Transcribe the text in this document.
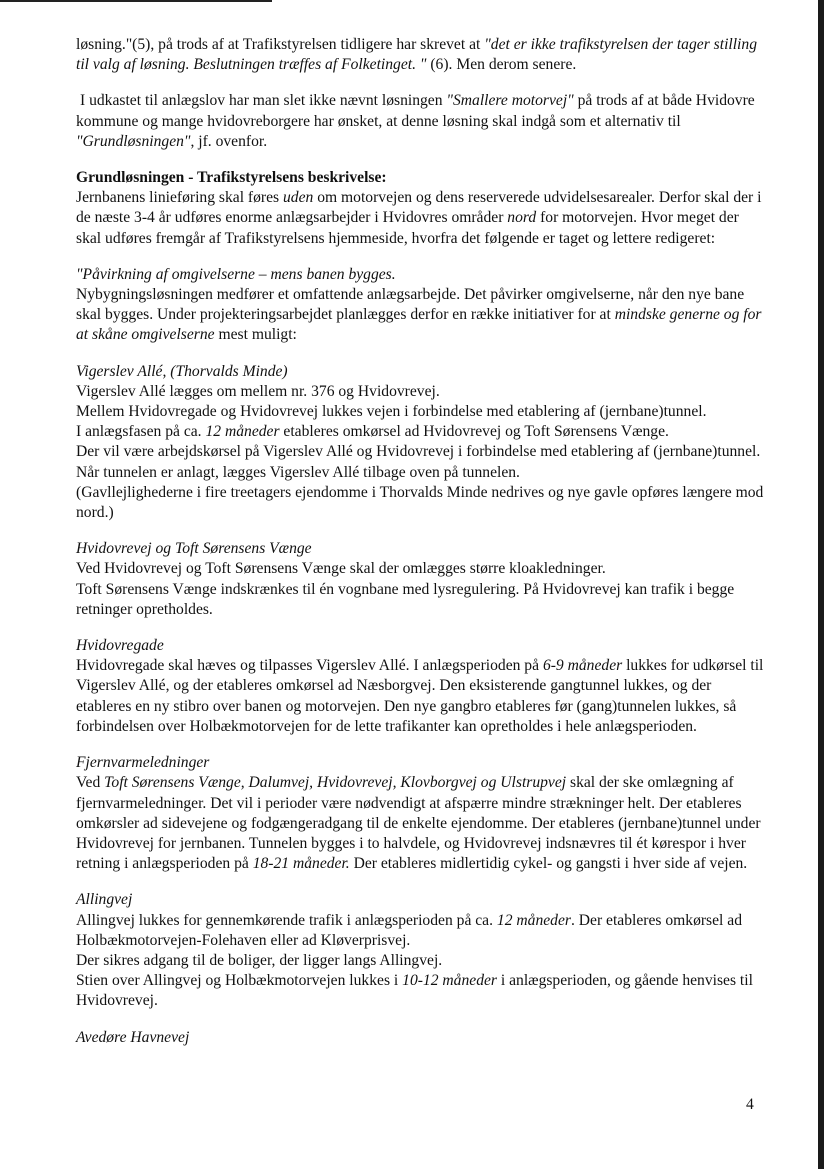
løsning."(5), på trods af at Trafikstyrelsen tidligere har skrevet at "det er ikke trafikstyrelsen der tager stilling til valg af løsning. Beslutningen træffes af Folketinget. " (6). Men derom senere.

I udkastet til anlægslov har man slet ikke nævnt løsningen "Smallere motorvej" på trods af at både Hvidovre kommune og mange hvidovreborgere har ønsket, at denne løsning skal indgå som et alternativ til "Grundløsningen", jf. ovenfor.

Grundløsningen - Trafikstyrelsens beskrivelse:

Jernbanens linieføring skal føres uden om motorvejen og dens reserverede udvidelsesarealer. Derfor skal der i de næste 3-4 år udføres enorme anlægsarbejder i Hvidovres områder nord for motorvejen. Hvor meget der skal udføres fremgår af Trafikstyrelsens hjemmeside, hvorfra det følgende er taget og lettere redigeret:

"Påvirkning af omgivelserne – mens banen bygges.

Nybygningsløsningen medfører et omfattende anlægsarbejde. Det påvirker omgivelserne, når den nye bane skal bygges. Under projekteringsarbejdet planlægges derfor en række initiativer for at mindske generne og for at skåne omgivelserne mest muligt:

Vigerslev Allé, (Thorvalds Minde)

Vigerslev Allé lægges om mellem nr. 376 og Hvidovrevej.
Mellem Hvidovregade og Hvidovrevej lukkes vejen i forbindelse med etablering af (jernbane)tunnel.
I anlægsfasen på ca. 12 måneder etableres omkørsel ad Hvidovrevej og Toft Sørensens Vænge.
Der vil være arbejdskørsel på Vigerslev Allé og Hvidovrevej i forbindelse med etablering af (jernbane)tunnel. Når tunnelen er anlagt, lægges Vigerslev Allé tilbage oven på tunnelen.
(Gavllejlighederne i fire treetagers ejendomme i Thorvalds Minde nedrives og nye gavle opføres længere mod nord.)

Hvidovrevej og Toft Sørensens Vænge

Ved Hvidovrevej og Toft Sørensens Vænge skal der omlægges større kloakledninger.
Toft Sørensens Vænge indskrænkes til én vognbane med lysregulering. På Hvidovrevej kan trafik i begge retninger opretholdes.

Hvidovregade

Hvidovregade skal hæves og tilpasses Vigerslev Allé. I anlægsperioden på 6-9 måneder lukkes for udkørsel til Vigerslev Allé, og der etableres omkørsel ad Næsborgvej. Den eksisterende gangtunnel lukkes, og der etableres en ny stibro over banen og motorvejen. Den nye gangbro etableres før (gang)tunnelen lukkes, så forbindelsen over Holbækmotorvejen for de lette trafikanter kan opretholdes i hele anlægsperioden.

Fjernvarmeledninger

Ved Toft Sørensens Vænge, Dalumvej, Hvidovrevej, Klovborgvej og Ulstrupvej skal der ske omlægning af fjernvarmeledninger. Det vil i perioder være nødvendigt at afspærre mindre strækninger helt. Der etableres omkørsler ad sidevejene og fodgængeradgang til de enkelte ejendomme. Der etableres (jernbane)tunnel under Hvidovrevej for jernbanen. Tunnelen bygges i to halvdele, og Hvidovrevej indsnævres til ét kørespor i hver retning i anlægsperioden på 18-21 måneder. Der etableres midlertidig cykel- og gangsti i hver side af vejen.

Allingvej

Allingvej lukkes for gennemkørende trafik i anlægsperioden på ca. 12 måneder. Der etableres omkørsel ad Holbækmotorvejen-Folehaven eller ad Kløverprisvej.
Der sikres adgang til de boliger, der ligger langs Allingvej.
Stien over Allingvej og Holbækmotorvejen lukkes i 10-12 måneder i anlægsperioden, og gående henvises til Hvidovrevej.

Avedøre Havnevej

4
